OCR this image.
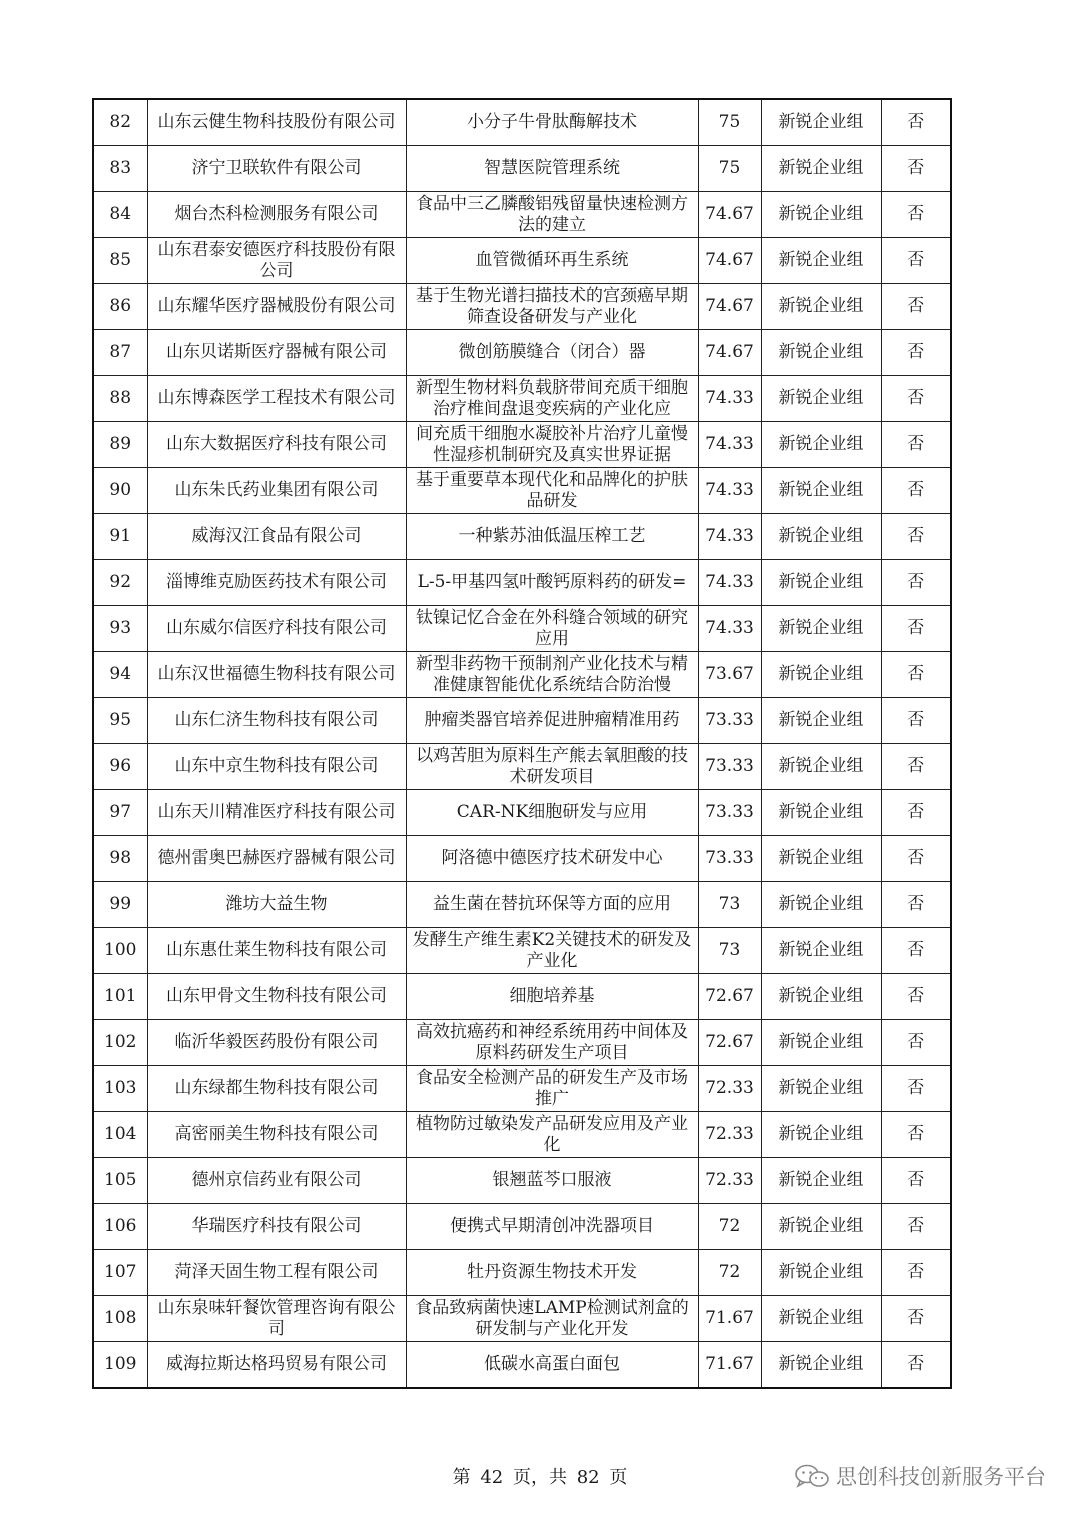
82	山东云健生物科技股份有限公司	小分子牛骨肽酶解技术	75	新锐企业组	否
83	济宁卫联软件有限公司	智慧医院管理系统	75	新锐企业组	否
84	烟台杰科检测服务有限公司	食品中三乙膦酸铝残留量快速检测方法的建立	74.67	新锐企业组	否
85	山东君泰安德医疗科技股份有限公司	血管微循环再生系统	74.67	新锐企业组	否
86	山东耀华医疗器械股份有限公司	基于生物光谱扫描技术的宫颈癌早期筛查设备研发与产业化	74.67	新锐企业组	否
87	山东贝诺斯医疗器械有限公司	微创筋膜缝合（闭合）器	74.67	新锐企业组	否
88	山东博森医学工程技术有限公司	新型生物材料负载脐带间充质干细胞治疗椎间盘退变疾病的产业化应	74.33	新锐企业组	否
89	山东大数据医疗科技有限公司	间充质干细胞水凝胶补片治疗儿童慢性湿疹机制研究及真实世界证据	74.33	新锐企业组	否
90	山东朱氏药业集团有限公司	基于重要草本现代化和品牌化的护肤品研发	74.33	新锐企业组	否
91	威海汉江食品有限公司	一种紫苏油低温压榨工艺	74.33	新锐企业组	否
92	淄博维克励医药技术有限公司	L-5-甲基四氢叶酸钙原料药的研发=	74.33	新锐企业组	否
93	山东威尔信医疗科技有限公司	钛镍记忆合金在外科缝合领域的研究应用	74.33	新锐企业组	否
94	山东汉世福德生物科技有限公司	新型非药物干预制剂产业化技术与精准健康智能优化系统结合防治慢	73.67	新锐企业组	否
95	山东仁济生物科技有限公司	肿瘤类器官培养促进肿瘤精准用药	73.33	新锐企业组	否
96	山东中京生物科技有限公司	以鸡苦胆为原料生产熊去氧胆酸的技术研发项目	73.33	新锐企业组	否
97	山东天川精准医疗科技有限公司	CAR-NK细胞研发与应用	73.33	新锐企业组	否
98	德州雷奥巴赫医疗器械有限公司	阿洛德中德医疗技术研发中心	73.33	新锐企业组	否
99	潍坊大益生物	益生菌在替抗环保等方面的应用	73	新锐企业组	否
100	山东惠仕莱生物科技有限公司	发酵生产维生素K2关键技术的研发及产业化	73	新锐企业组	否
101	山东甲骨文生物科技有限公司	细胞培养基	72.67	新锐企业组	否
102	临沂华毅医药股份有限公司	高效抗癌药和神经系统用药中间体及原料药研发生产项目	72.67	新锐企业组	否
103	山东绿都生物科技有限公司	食品安全检测产品的研发生产及市场推广	72.33	新锐企业组	否
104	高密丽美生物科技有限公司	植物防过敏染发产品研发应用及产业化	72.33	新锐企业组	否
105	德州京信药业有限公司	银翘蓝芩口服液	72.33	新锐企业组	否
106	华瑞医疗科技有限公司	便携式早期清创冲洗器项目	72	新锐企业组	否
107	菏泽天固生物工程有限公司	牡丹资源生物技术开发	72	新锐企业组	否
108	山东泉味轩餐饮管理咨询有限公司	食品致病菌快速LAMP检测试剂盒的研发制与产业化开发	71.67	新锐企业组	否
109	威海拉斯达格玛贸易有限公司	低碳水高蛋白面包	71.67	新锐企业组	否
第 42 页，共 82 页	思创科技创新服务平台
